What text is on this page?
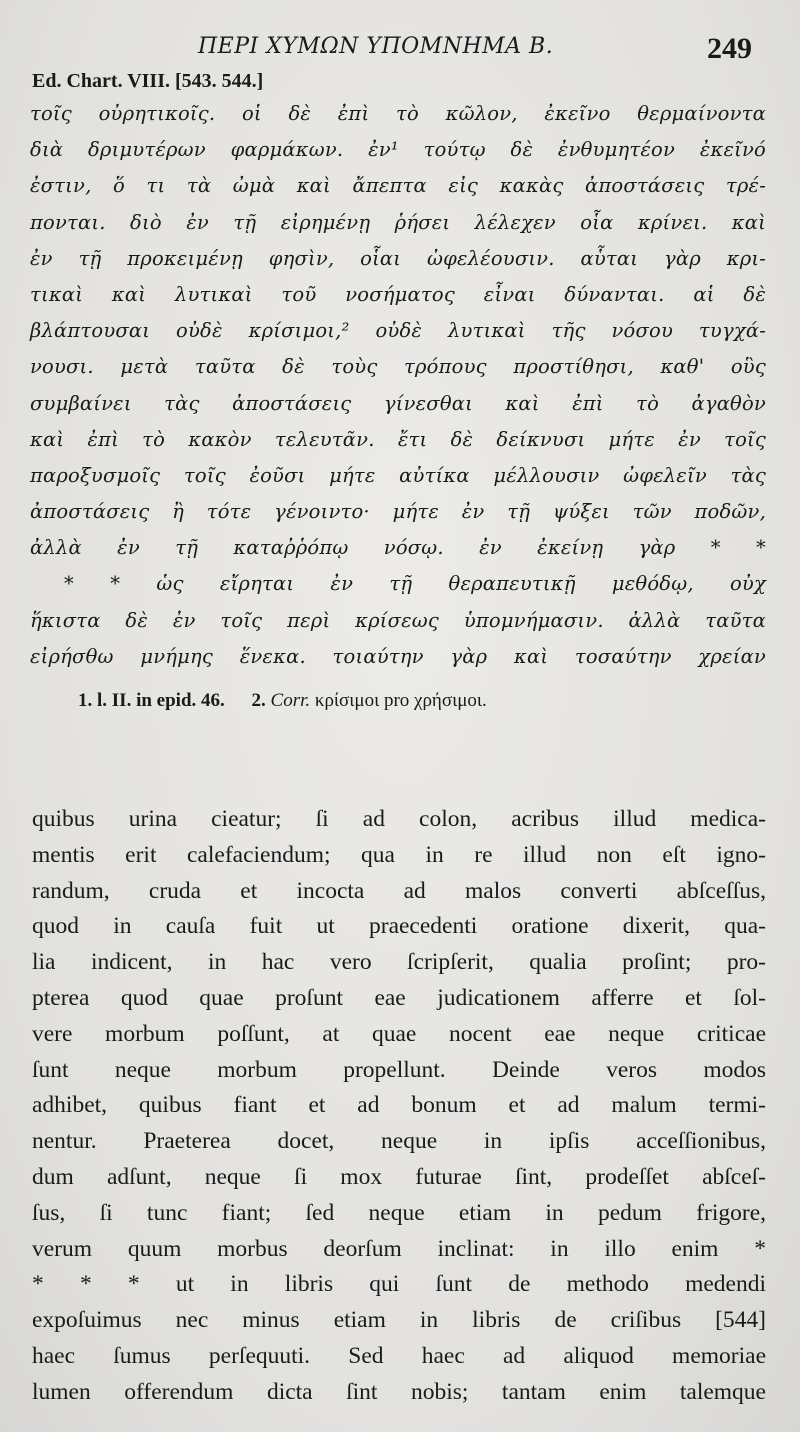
ΠΕΡΙ ΧΥΜΩΝ ΥΠΟΜΝΗΜΑ Β.	249
Ed. Chart. VIII. [543. 544.]
τοῖς οὐρητικοῖς. οἱ δὲ ἐπὶ τὸ κῶλον, ἐκεῖνο θερμαίνοντα
διὰ δριμυτέρων φαρμάκων. ἐν¹ τούτῳ δὲ ἐνθυμητέον ἐκεῖνό
ἐστιν, ὅ τι τὰ ὠμὰ καὶ ἄπεπτα εἰς κακὰς ἀποστάσεις τρέ-
πονται. διὸ ἐν τῇ εἰρημένῃ ῥήσει λέλεχεν οἷα κρίνει. καὶ
ἐν τῇ προκειμένῃ φησὶν, οἷαι ὠφελέουσιν. αὗται γὰρ κρι-
τικαὶ καὶ λυτικαὶ τοῦ νοσήματος εἶναι δύνανται. αἱ δὲ
βλάπτουσαι οὐδὲ κρίσιμοι,² οὐδὲ λυτικαὶ τῆς νόσου τυγχά-
νουσι. μετὰ ταῦτα δὲ τοὺς τρόπους προστίθησι, καθ' οὓς
συμβαίνει τὰς ἀποστάσεις γίνεσθαι καὶ ἐπὶ τὸ ἀγαθὸν
καὶ ἐπὶ τὸ κακὸν τελευτᾶν. ἔτι δὲ δείκνυσι μήτε ἐν τοῖς
παροξυσμοῖς τοῖς ἐοῦσι μήτε αὐτίκα μέλλουσιν ὠφελεῖν τὰς
ἀποστάσεις ἢ τότε γένοιντο· μήτε ἐν τῇ ψύξει τῶν ποδῶν,
ἀλλὰ ἐν τῇ καταῤῥόπῳ νόσῳ. ἐν ἐκείνῃ γὰρ * *
* * ὡς εἴρηται ἐν τῇ θεραπευτικῇ μεθόδῳ, οὐχ
ἥκιστα δὲ ἐν τοῖς περὶ κρίσεως ὑπομνήμασιν. ἀλλὰ ταῦτα
εἰρήσθω μνήμης ἕνεκα. τοιαύτην γὰρ καὶ τοσαύτην χρείαν
1. l. II. in epid. 46. 2. Corr. κρίσιμοι pro χρήσιμοι.
quibus urina cieatur; ſi ad colon, acribus illud medica-
mentis erit calefaciendum; qua in re illud non eſt igno-
randum, cruda et incocta ad malos converti abſceſſus,
quod in cauſa fuit ut praecedenti oratione dixerit, qua-
lia indicent, in hac vero ſcripſerit, qualia proſint; pro-
pterea quod quae proſunt eae judicationem afferre et ſol-
vere morbum poſſunt, at quae nocent eae neque criticae
ſunt neque morbum propellunt. Deinde veros modos
adhibet, quibus fiant et ad bonum et ad malum termi-
nentur. Praeterea docet, neque in ipſis acceſſionibus,
dum adſunt, neque ſi mox futurae ſint, prodeſſet abſceſ-
ſus, ſi tunc fiant; ſed neque etiam in pedum frigore,
verum quum morbus deorſum inclinat: in illo enim *
* * * ut in libris qui ſunt de methodo medendi
expoſuimus nec minus etiam in libris de criſibus [544]
haec ſumus perſequuti. Sed haec ad aliquod memoriae
lumen offerendum dicta ſint nobis; tantam enim talemque
